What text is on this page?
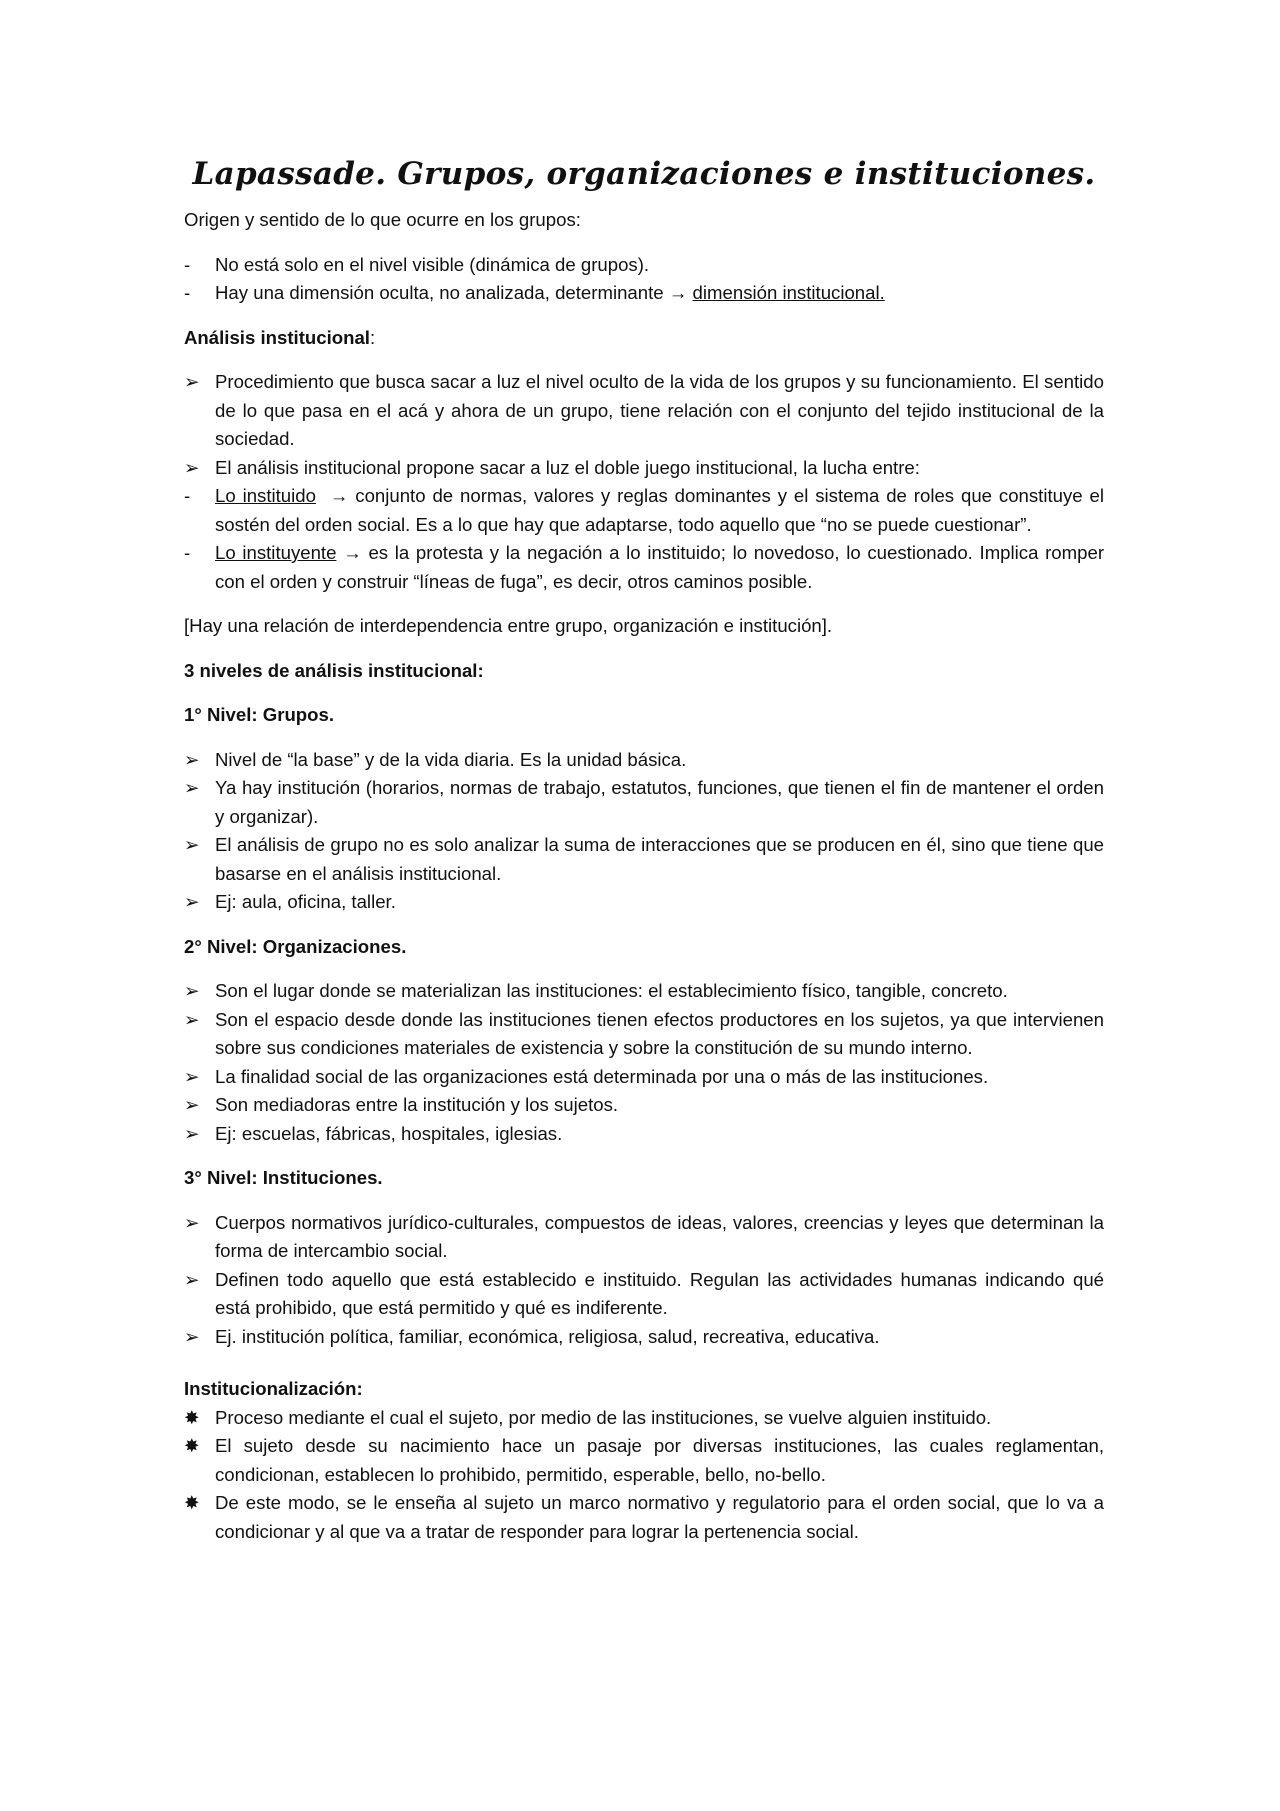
Lapassade. Grupos, organizaciones e instituciones.

Origen y sentido de lo que ocurre en los grupos:

-	No está solo en el nivel visible (dinámica de grupos).
-	Hay una dimensión oculta, no analizada, determinante → dimensión institucional.

Análisis institucional:

➢ Procedimiento que busca sacar a luz el nivel oculto de la vida de los grupos y su funcionamiento. El sentido de lo que pasa en el acá y ahora de un grupo, tiene relación con el conjunto del tejido institucional de la sociedad.
➢ El análisis institucional propone sacar a luz el doble juego institucional, la lucha entre:
-	Lo instituido → conjunto de normas, valores y reglas dominantes y el sistema de roles que constituye el sostén del orden social. Es a lo que hay que adaptarse, todo aquello que “no se puede cuestionar”.
-	Lo instituyente → es la protesta y la negación a lo instituido; lo novedoso, lo cuestionado. Implica romper con el orden y construir “líneas de fuga”, es decir, otros caminos posible.

[Hay una relación de interdependencia entre grupo, organización e institución].

3 niveles de análisis institucional:

1° Nivel: Grupos.

➢ Nivel de “la base” y de la vida diaria. Es la unidad básica.
➢ Ya hay institución (horarios, normas de trabajo, estatutos, funciones, que tienen el fin de mantener el orden y organizar).
➢ El análisis de grupo no es solo analizar la suma de interacciones que se producen en él, sino que tiene que basarse en el análisis institucional.
➢ Ej: aula, oficina, taller.

2° Nivel: Organizaciones.

➢ Son el lugar donde se materializan las instituciones: el establecimiento físico, tangible, concreto.
➢ Son el espacio desde donde las instituciones tienen efectos productores en los sujetos, ya que intervienen sobre sus condiciones materiales de existencia y sobre la constitución de su mundo interno.
➢ La finalidad social de las organizaciones está determinada por una o más de las instituciones.
➢ Son mediadoras entre la institución y los sujetos.
➢ Ej: escuelas, fábricas, hospitales, iglesias.

3° Nivel: Instituciones.

➢ Cuerpos normativos jurídico-culturales, compuestos de ideas, valores, creencias y leyes que determinan la forma de intercambio social.
➢ Definen todo aquello que está establecido e instituido. Regulan las actividades humanas indicando qué está prohibido, que está permitido y qué es indiferente.
➢ Ej. institución política, familiar, económica, religiosa, salud, recreativa, educativa.

Institucionalización:

✸ Proceso mediante el cual el sujeto, por medio de las instituciones, se vuelve alguien instituido.
✸ El sujeto desde su nacimiento hace un pasaje por diversas instituciones, las cuales reglamentan, condicionan, establecen lo prohibido, permitido, esperable, bello, no-bello.
✸ De este modo, se le enseña al sujeto un marco normativo y regulatorio para el orden social, que lo va a condicionar y al que va a tratar de responder para lograr la pertenencia social.
